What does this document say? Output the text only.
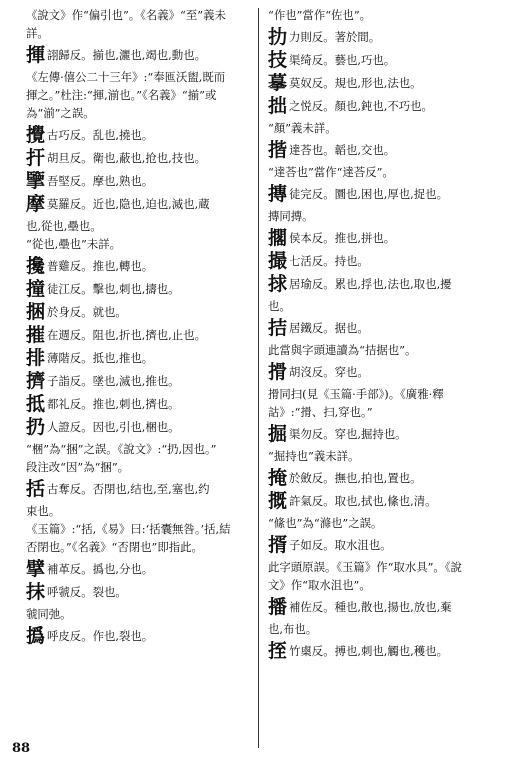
《說文》作“偏引也”。《名義》“至”義未
詳。
揮詡歸反。揃也,灑也,竭也,動也。
《左傳·僖公二十三年》:“奉匜沃盥,既而
揮之。”杜注:“揮,湔也。”《名義》“揃”或
為“湔”之誤。
攪古巧反。乱也,撓也。
扞胡旦反。衛也,蔽也,抢也,技也。
擥吾堅反。摩也,熟也。
摩莫羅反。近也,隐也,迫也,滅也,蔵
也,從也,壘也。
“從也,壘也”未詳。
攙普雞反。推也,轉也。
撞徒江反。擊也,刺也,擣也。
捆於身反。就也。
摧在週反。阻也,折也,擠也,止也。
排薄階反。抵也,推也。
擠子詣反。墜也,滅也,推也。
抵都礼反。推也,刺也,擠也。
扔人證反。因也,引也,梱也。
“梱”為“捆”之誤。《說文》:“扔,因也。”
段注改“因”為“捆”。
括古奪反。否閉也,结也,至,塞也,约
束也。
《玉篇》:“括,《易》曰:‘括囊無咎。’括,結
否閉也。”《名義》“否閉也”即指此。
擘補革反。撝也,分也。
抹呼虢反。裂也。
虢同弛。
撝呼皮反。作也,裂也。
“作也”當作“佐也”。
扐力則反。著於間。
技渠绮反。藝也,巧也。
摹莫奴反。規也,形也,法也。
拙之悦反。顏也,鈍也,不巧也。
“顏”義未詳。
揩達荅也。韜也,交也。
“達荅也”當作“達荅反”。
摶徒完反。圜也,困也,厚也,捉也。
摶同摶。
擱侯本反。推也,拼也。
撮七活反。持也。
捄居瑜反。累也,捊也,法也,取也,擾
也。
拮居鐵反。据也。
此當與字頭連讀為“拮据也”。
搰胡沒反。穿也。
搰同扫(見《玉篇·手部》)。《廣雅·釋
詁》:“搰、扫,穿也。”
掘渠勿反。穿也,掘持也。
“掘持也”義未詳。
掩於斂反。撫也,拍也,置也。
摡許氣反。取也,拭也,絛也,清。
“絛也”為“滌也”之誤。
揟子如反。取水沮也。
此字頭原誤。《玉篇》作“取水具”。《說
文》作“取水沮也”。
播補佐反。種也,散也,揚也,放也,棄
也,布也。
挃竹㮚反。搏也,刺也,觸也,穫也。
88
